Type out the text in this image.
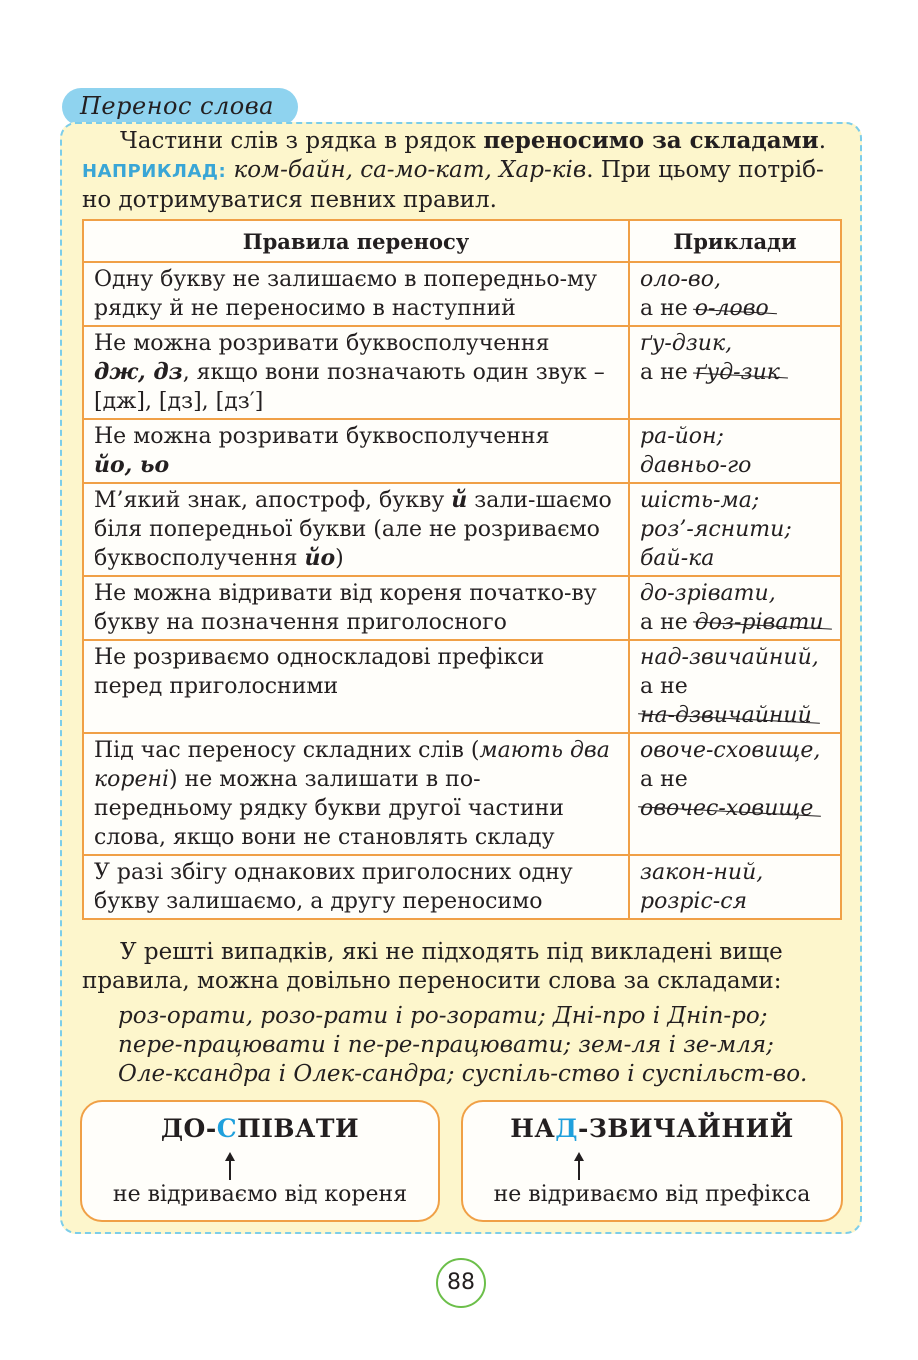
Перенос слова
Частини слів з рядка в рядок переносимо за складами.
НАПРИКЛАД: ком-байн, са-мо-кат, Хар-ків. При цьому потріб-
но дотримуватися певних правил.
Правила переносу	Приклади
Одну букву не залишаємо в попередньо-му рядку й не переносимо в наступний	оло-во,
а не о-лово

Не можна розривати буквосполучення
дж, дз, якщо вони позначають один звук – [дж], [дз], [дз′]	ґу-дзик,
а не ґуд-зик

Не можна розривати буквосполучення
йо, ьо	ра-йон;
давньо-го

М’який знак, апостроф, букву й зали-шаємо біля попередньої букви (але не розриваємо буквосполучення йо)	шість-ма;
роз’-яснити;
бай-ка

Не можна відривати від кореня початко-ву букву на позначення приголосного	до-зрівати,
а не доз-рівати

Не розриваємо односкладові префікси перед приголосними	над-звичайний,
а не
на-дзвичайний

Під час переносу складних слів (мають два корені) не можна залишати в по-передньому рядку букви другої частини слова, якщо вони не становлять складу	овоче-сховище,
а не
овочес-ховище

У разі збігу однакових приголосних одну букву залишаємо, а другу переносимо	закон-ний,
розріс-ся
У решті випадків, які не підходять під викладені вище правила, можна довільно переносити слова за складами:
роз-орати, розо-рати і ро-зорати; Дні-про і Дніп-ро;
пере-працювати і пе-ре-працювати; зем-ля і зе-мля;
Оле-ксандра і Олек-сандра; суспіль-ство і суспільст-во.
ДО-СПІВАТИ
не відриваємо від кореня
НАД-ЗВИЧАЙНИЙ
не відриваємо від префікса
88
